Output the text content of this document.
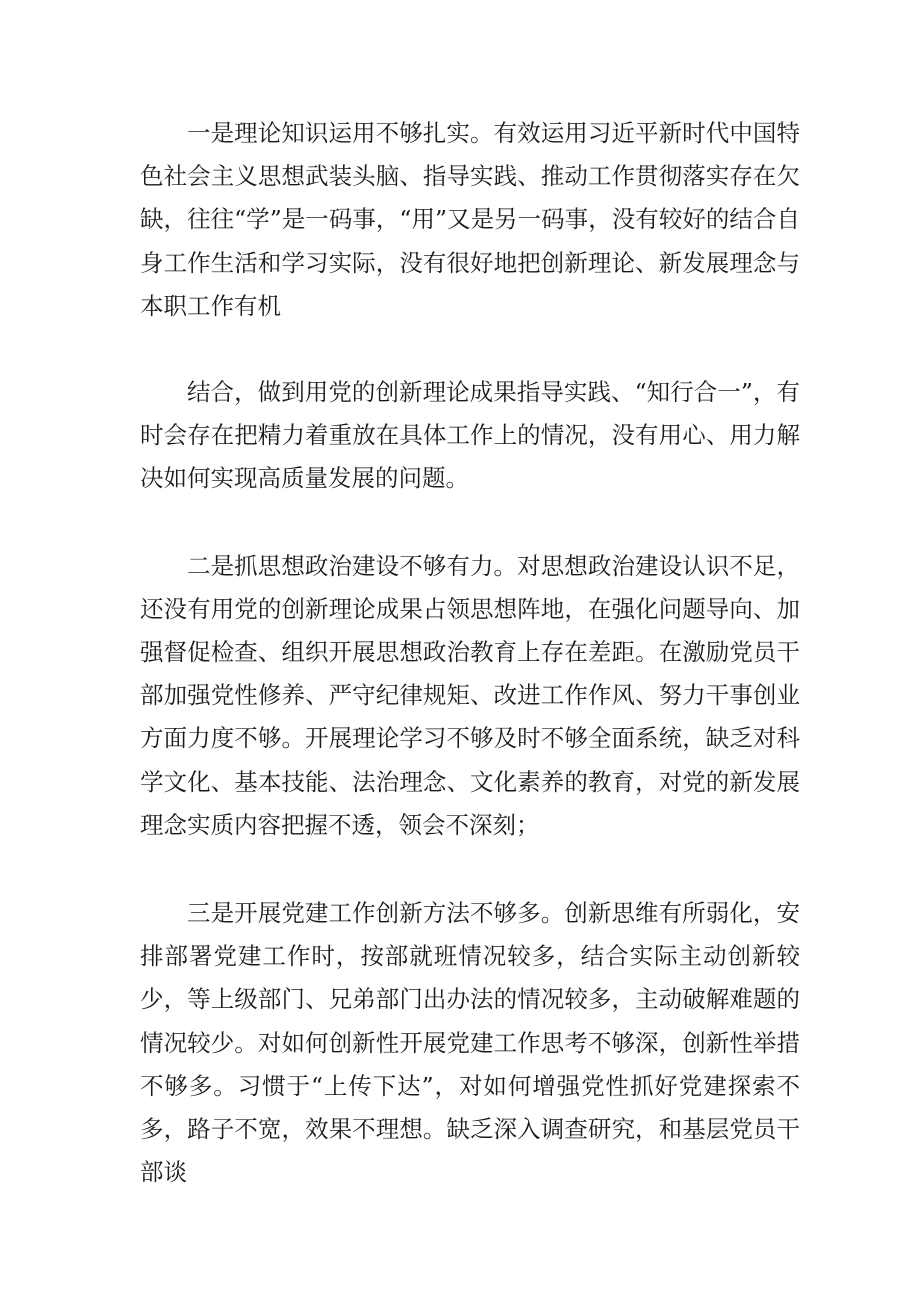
一是理论知识运用不够扎实。有效运用习近平新时代中国特色社会主义思想武装头脑、指导实践、推动工作贯彻落实存在欠缺，往往“学”是一码事，“用”又是另一码事，没有较好的结合自身工作生活和学习实际，没有很好地把创新理论、新发展理念与本职工作有机

结合，做到用党的创新理论成果指导实践、“知行合一”，有时会存在把精力着重放在具体工作上的情况，没有用心、用力解决如何实现高质量发展的问题。

二是抓思想政治建设不够有力。对思想政治建设认识不足，还没有用党的创新理论成果占领思想阵地，在强化问题导向、加强督促检查、组织开展思想政治教育上存在差距。在激励党员干部加强党性修养、严守纪律规矩、改进工作作风、努力干事创业方面力度不够。开展理论学习不够及时不够全面系统，缺乏对科学文化、基本技能、法治理念、文化素养的教育，对党的新发展理念实质内容把握不透，领会不深刻；

三是开展党建工作创新方法不够多。创新思维有所弱化，安排部署党建工作时，按部就班情况较多，结合实际主动创新较少，等上级部门、兄弟部门出办法的情况较多，主动破解难题的情况较少。对如何创新性开展党建工作思考不够深，创新性举措不够多。习惯于“上传下达”，对如何增强党性抓好党建探索不多，路子不宽，效果不理想。缺乏深入调查研究，和基层党员干部谈
